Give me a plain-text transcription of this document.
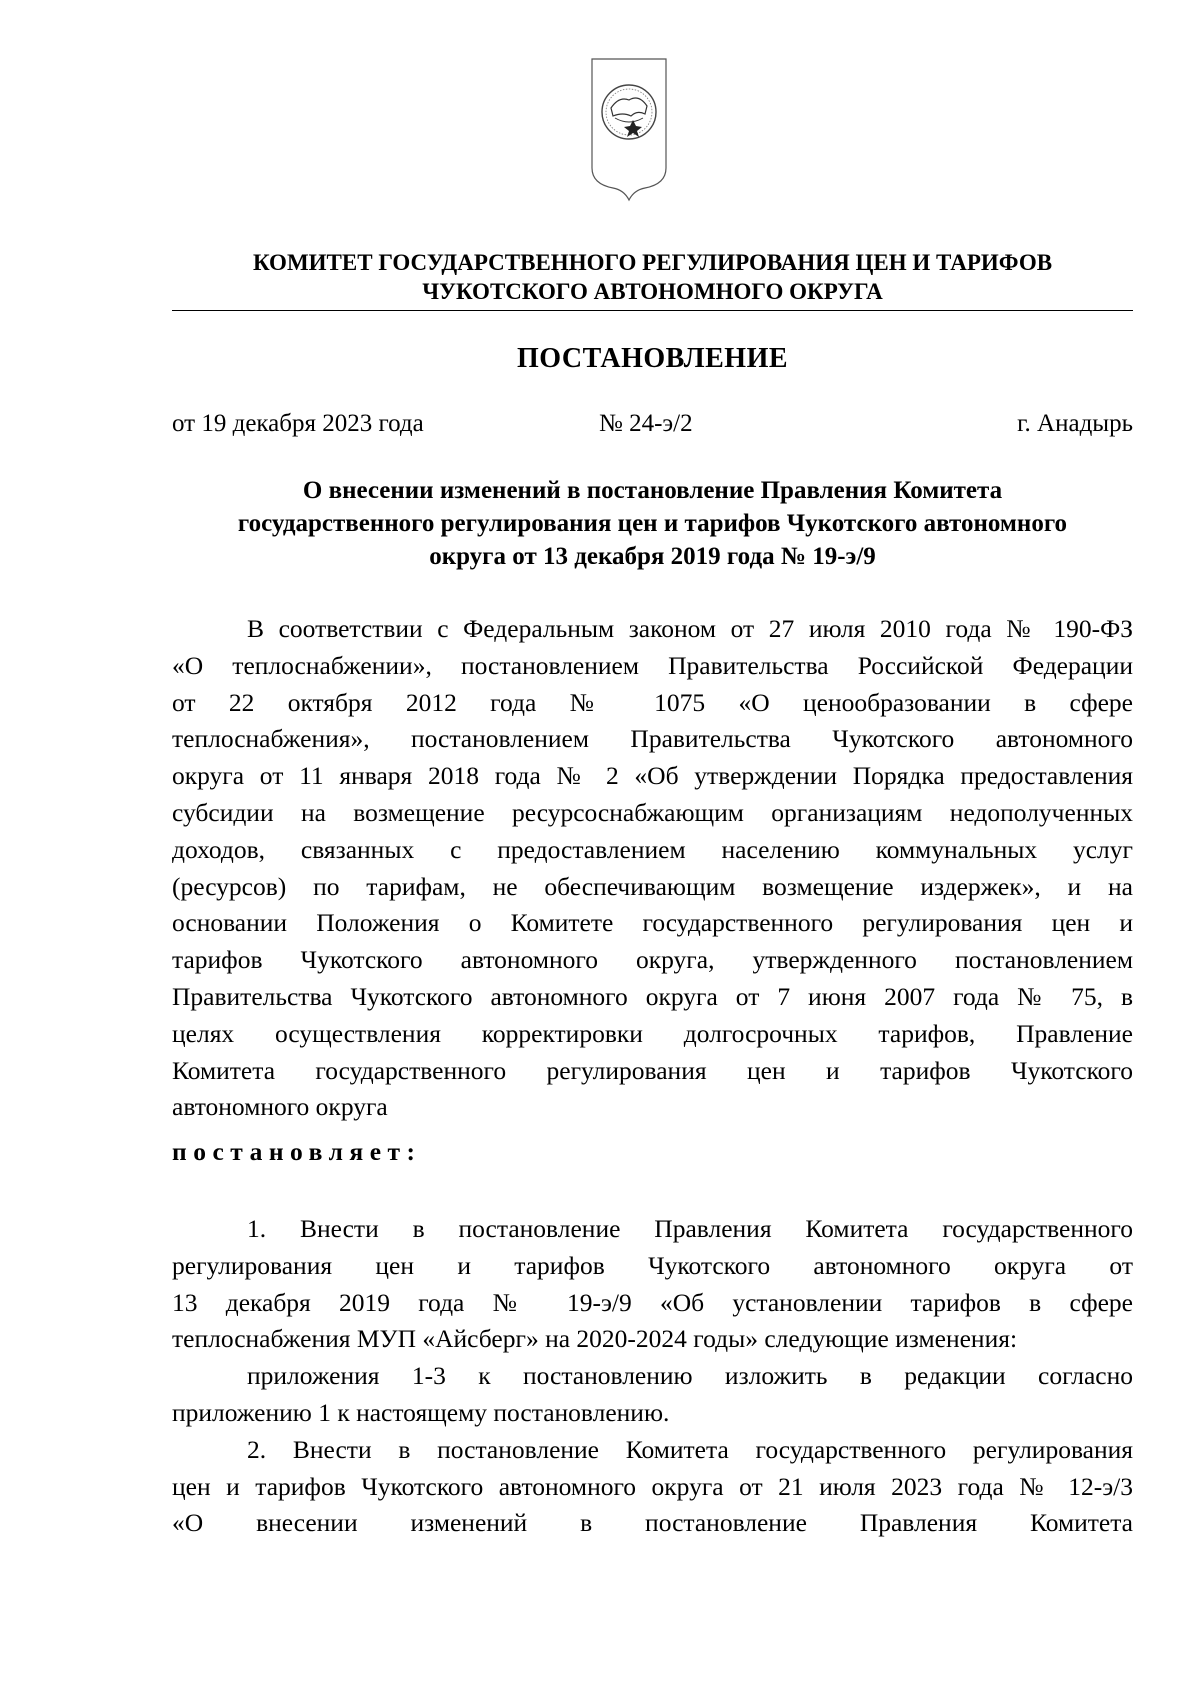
КОМИТЕТ ГОСУДАРСТВЕННОГО РЕГУЛИРОВАНИЯ ЦЕН И ТАРИФОВ
ЧУКОТСКОГО АВТОНОМНОГО ОКРУГА
ПОСТАНОВЛЕНИЕ
от 19 декабря 2023 года	№ 24-э/2	г. Анадырь
О внесении изменений в постановление Правления Комитета
государственного регулирования цен и тарифов Чукотского автономного
округа от 13 декабря 2019 года № 19-э/9
В соответствии с Федеральным законом от 27 июля 2010 года № 190-ФЗ
«О теплоснабжении», постановлением Правительства Российской Федерации
от 22 октября 2012 года № 1075 «О ценообразовании в сфере
теплоснабжения», постановлением Правительства Чукотского автономного
округа от 11 января 2018 года № 2 «Об утверждении Порядка предоставления
субсидии на возмещение ресурсоснабжающим организациям недополученных
доходов, связанных с предоставлением населению коммунальных услуг
(ресурсов) по тарифам, не обеспечивающим возмещение издержек», и на
основании Положения о Комитете государственного регулирования цен и
тарифов Чукотского автономного округа, утвержденного постановлением
Правительства Чукотского автономного округа от 7 июня 2007 года № 75, в
целях осуществления корректировки долгосрочных тарифов, Правление
Комитета государственного регулирования цен и тарифов Чукотского
автономного округа
постановляет:
1. Внести в постановление Правления Комитета государственного
регулирования цен и тарифов Чукотского автономного округа от
13 декабря 2019 года № 19-э/9 «Об установлении тарифов в сфере
теплоснабжения МУП «Айсберг» на 2020-2024 годы» следующие изменения:
приложения 1-3 к постановлению изложить в редакции согласно
приложению 1 к настоящему постановлению.
2. Внести в постановление Комитета государственного регулирования
цен и тарифов Чукотского автономного округа от 21 июля 2023 года № 12-э/3
«О внесении изменений в постановление Правления Комитета
